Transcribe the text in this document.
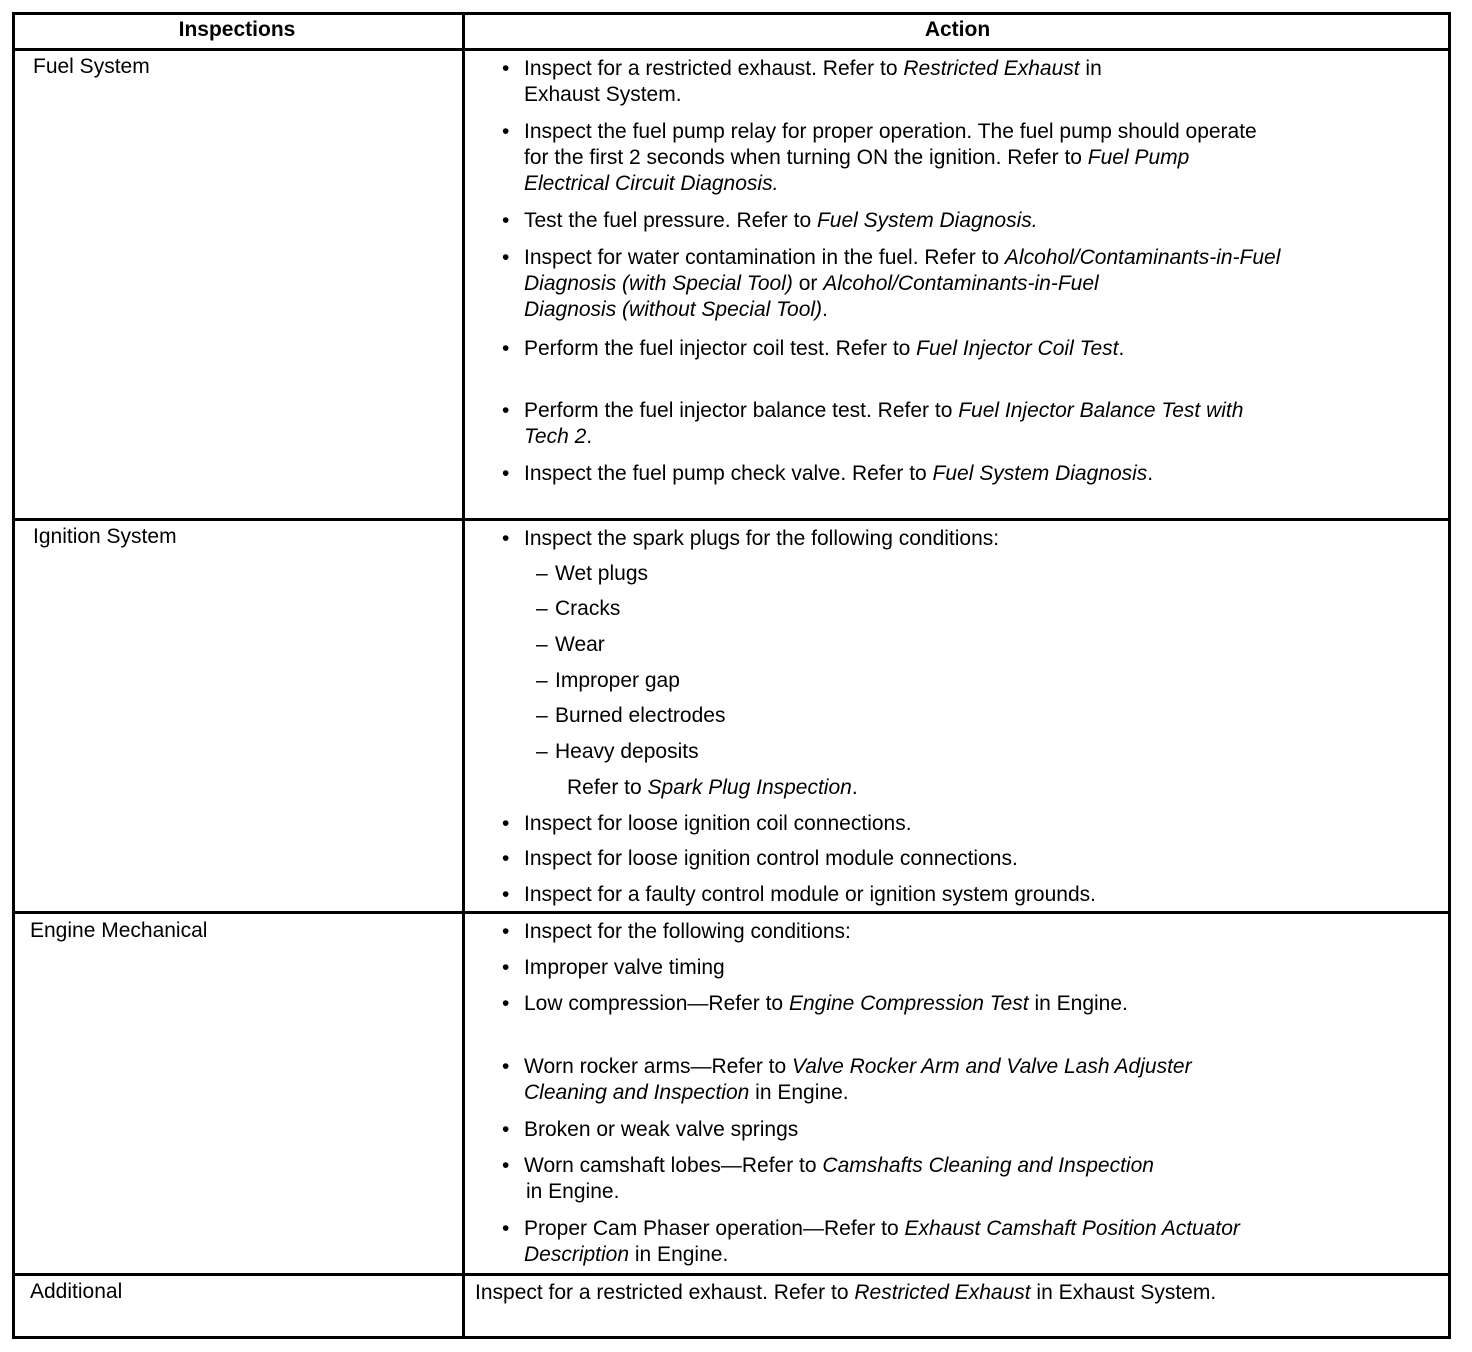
Inspections	Action
Fuel System	• Inspect for a restricted exhaust. Refer to Restricted Exhaust in
Exhaust System.
• Inspect the fuel pump relay for proper operation. The fuel pump should operate
for the first 2 seconds when turning ON the ignition. Refer to Fuel Pump
Electrical Circuit Diagnosis.
• Test the fuel pressure. Refer to Fuel System Diagnosis.
• Inspect for water contamination in the fuel. Refer to Alcohol/Contaminants-in-Fuel
Diagnosis (with Special Tool) or Alcohol/Contaminants-in-Fuel
Diagnosis (without Special Tool).
• Perform the fuel injector coil test. Refer to Fuel Injector Coil Test.
• Perform the fuel injector balance test. Refer to Fuel Injector Balance Test with
Tech 2.
• Inspect the fuel pump check valve. Refer to Fuel System Diagnosis.
Ignition System	• Inspect the spark plugs for the following conditions:
– Wet plugs
– Cracks
– Wear
– Improper gap
– Burned electrodes
– Heavy deposits
Refer to Spark Plug Inspection.
• Inspect for loose ignition coil connections.
• Inspect for loose ignition control module connections.
• Inspect for a faulty control module or ignition system grounds.
Engine Mechanical	• Inspect for the following conditions:
• Improper valve timing
• Low compression—Refer to Engine Compression Test in Engine.
• Worn rocker arms—Refer to Valve Rocker Arm and Valve Lash Adjuster
Cleaning and Inspection in Engine.
• Broken or weak valve springs
• Worn camshaft lobes—Refer to Camshafts Cleaning and Inspection
in Engine.
• Proper Cam Phaser operation—Refer to Exhaust Camshaft Position Actuator
Description in Engine.
Additional	Inspect for a restricted exhaust. Refer to Restricted Exhaust in Exhaust System.
